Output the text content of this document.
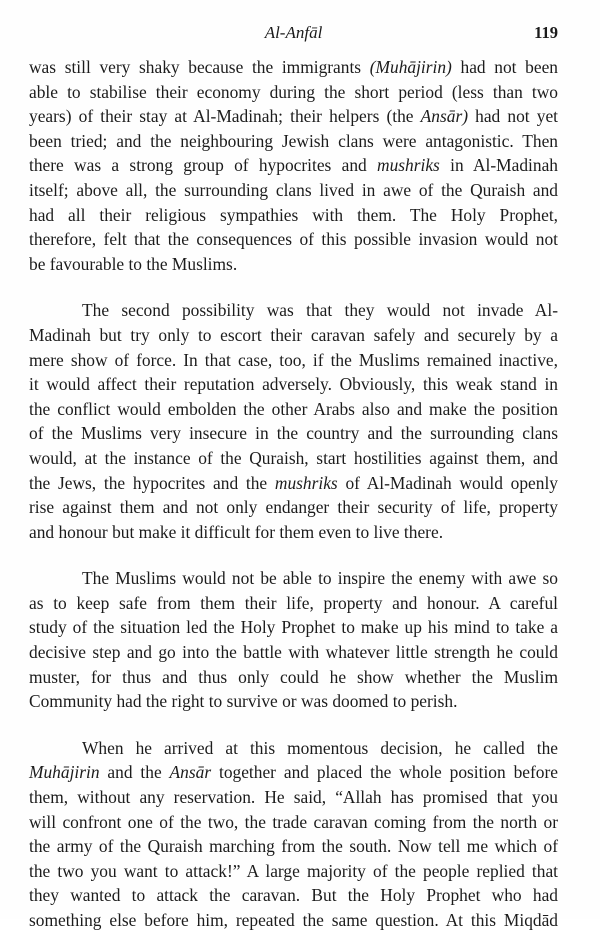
Al-Anfāl	119
was still very shaky because the immigrants (Muhājirin) had not been
able to stabilise their economy during the short period (less than two
years) of their stay at Al-Madinah; their helpers (the Ansār) had not yet
been tried; and the neighbouring Jewish clans were antagonistic. Then
there was a strong group of hypocrites and mushriks in Al-Madinah
itself; above all, the surrounding clans lived in awe of the Quraish and
had all their religious sympathies with them. The Holy Prophet,
therefore, felt that the consequences of this possible invasion would not
be favourable to the Muslims.
The second possibility was that they would not invade Al-
Madinah but try only to escort their caravan safely and securely by a
mere show of force. In that case, too, if the Muslims remained inactive,
it would affect their reputation adversely. Obviously, this weak stand in
the conflict would embolden the other Arabs also and make the position
of the Muslims very insecure in the country and the surrounding clans
would, at the instance of the Quraish, start hostilities against them, and
the Jews, the hypocrites and the mushriks of Al-Madinah would openly
rise against them and not only endanger their security of life, property
and honour but make it difficult for them even to live there.
The Muslims would not be able to inspire the enemy with awe so
as to keep safe from them their life, property and honour. A careful
study of the situation led the Holy Prophet to make up his mind to take a
decisive step and go into the battle with whatever little strength he could
muster, for thus and thus only could he show whether the Muslim
Community had the right to survive or was doomed to perish.
When he arrived at this momentous decision, he called the
Muhājirin and the Ansār together and placed the whole position before
them, without any reservation. He said, “Allah has promised that you
will confront one of the two, the trade caravan coming from the north or
the army of the Quraish marching from the south. Now tell me which of
the two you want to attack!” A large majority of the people replied that
they wanted to attack the caravan. But the Holy Prophet who had
something else before him, repeated the same question. At this Miqdād
